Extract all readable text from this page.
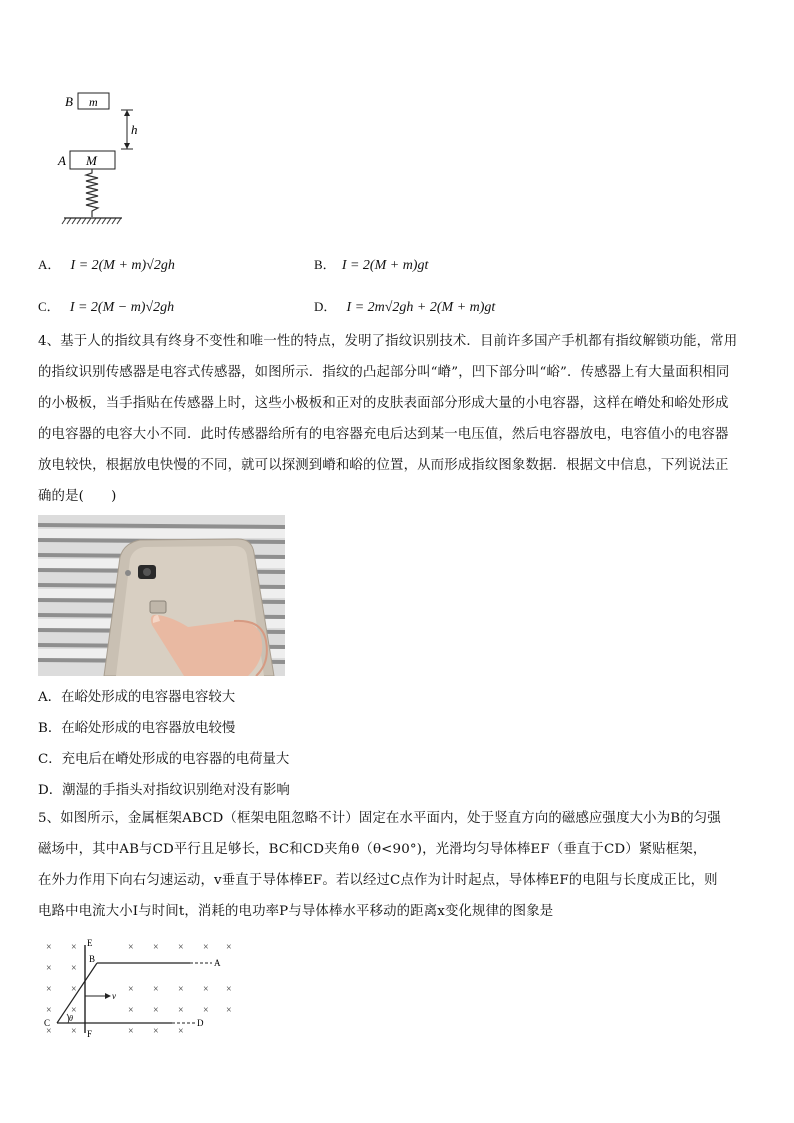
B m
h
A M
A． I = 2(M + m)√2gh	B． I = 2(M + m)gt
C． I = 2(M − m)√2gh	D． I = 2m√2gh + 2(M + m)gt
4、基于人的指纹具有终身不变性和唯一性的特点，发明了指纹识别技术．目前许多国产手机都有指纹解锁功能，常用
的指纹识别传感器是电容式传感器，如图所示．指纹的凸起部分叫“嵴”，凹下部分叫“峪”．传感器上有大量面积相同
的小极板，当手指贴在传感器上时，这些小极板和正对的皮肤表面部分形成大量的小电容器，这样在嵴处和峪处形成
的电容器的电容大小不同．此时传感器给所有的电容器充电后达到某一电压值，然后电容器放电，电容值小的电容器
放电较快，根据放电快慢的不同，就可以探测到嵴和峪的位置，从而形成指纹图象数据．根据文中信息，下列说法正
确的是(　　)
A．在峪处形成的电容器电容较大
B．在峪处形成的电容器放电较慢
C．充电后在嵴处形成的电容器的电荷量大
D．潮湿的手指头对指纹识别绝对没有影响
5、如图所示，金属框架ABCD（框架电阻忽略不计）固定在水平面内，处于竖直方向的磁感应强度大小为B的匀强
磁场中，其中AB与CD平行且足够长，BC和CD夹角θ（θ<90°)，光滑均匀导体棒EF（垂直于CD）紧贴框架，
在外力作用下向右匀速运动，v垂直于导体棒EF。若以经过C点作为计时起点，导体棒EF的电阻与长度成正比，则
电路中电流大小I与时间t，消耗的电功率P与导体棒水平移动的距离x变化规律的图象是
× ×	× × × × ×
× ×
× ×	× × × × ×
× ×	× × × × ×
× ×	× × ×
E
B	A
v
C θ	D
F
